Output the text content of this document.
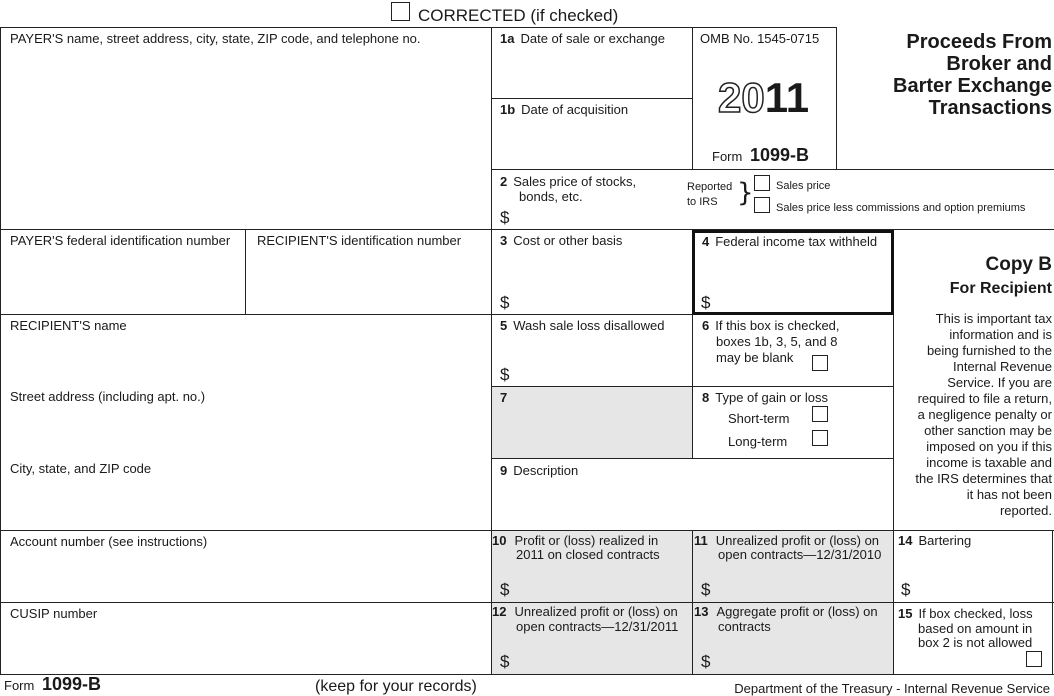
CORRECTED (if checked)
PAYER'S name, street address, city, state, ZIP code, and telephone no.
PAYER'S federal identification number RECIPIENT'S identification number
RECIPIENT'S name
Street address (including apt. no.)
City, state, and ZIP code
Account number (see instructions)
CUSIP number
1a Date of sale or exchange
1b Date of acquisition
OMB No. 1545-0715
2011
Form 1099-B
Proceeds From
Broker and
Barter Exchange
Transactions
2 Sales price of stocks,
bonds, etc.
$
Reported
to IRS } Sales price
Sales price less commissions and option premiums
3 Cost or other basis
$
4 Federal income tax withheld
$
Copy B
For Recipient
This is important tax
information and is
being furnished to the
Internal Revenue
Service. If you are
required to file a return,
a negligence penalty or
other sanction may be
imposed on you if this
income is taxable and
the IRS determines that
it has not been
reported.
5 Wash sale loss disallowed
$
6 If this box is checked,
boxes 1b, 3, 5, and 8
may be blank
7	8 Type of gain or loss
Short-term
Long-term
9 Description
10 Profit or (loss) realized in
2011 on closed contracts
$
11 Unrealized profit or (loss) on
open contracts—12/31/2010
$
14 Bartering
$
12 Unrealized profit or (loss) on
open contracts—12/31/2011
$
13 Aggregate profit or (loss) on
contracts
$
15 If box checked, loss
based on amount in
box 2 is not allowed
Form 1099-B	(keep for your records)	Department of the Treasury - Internal Revenue Service
